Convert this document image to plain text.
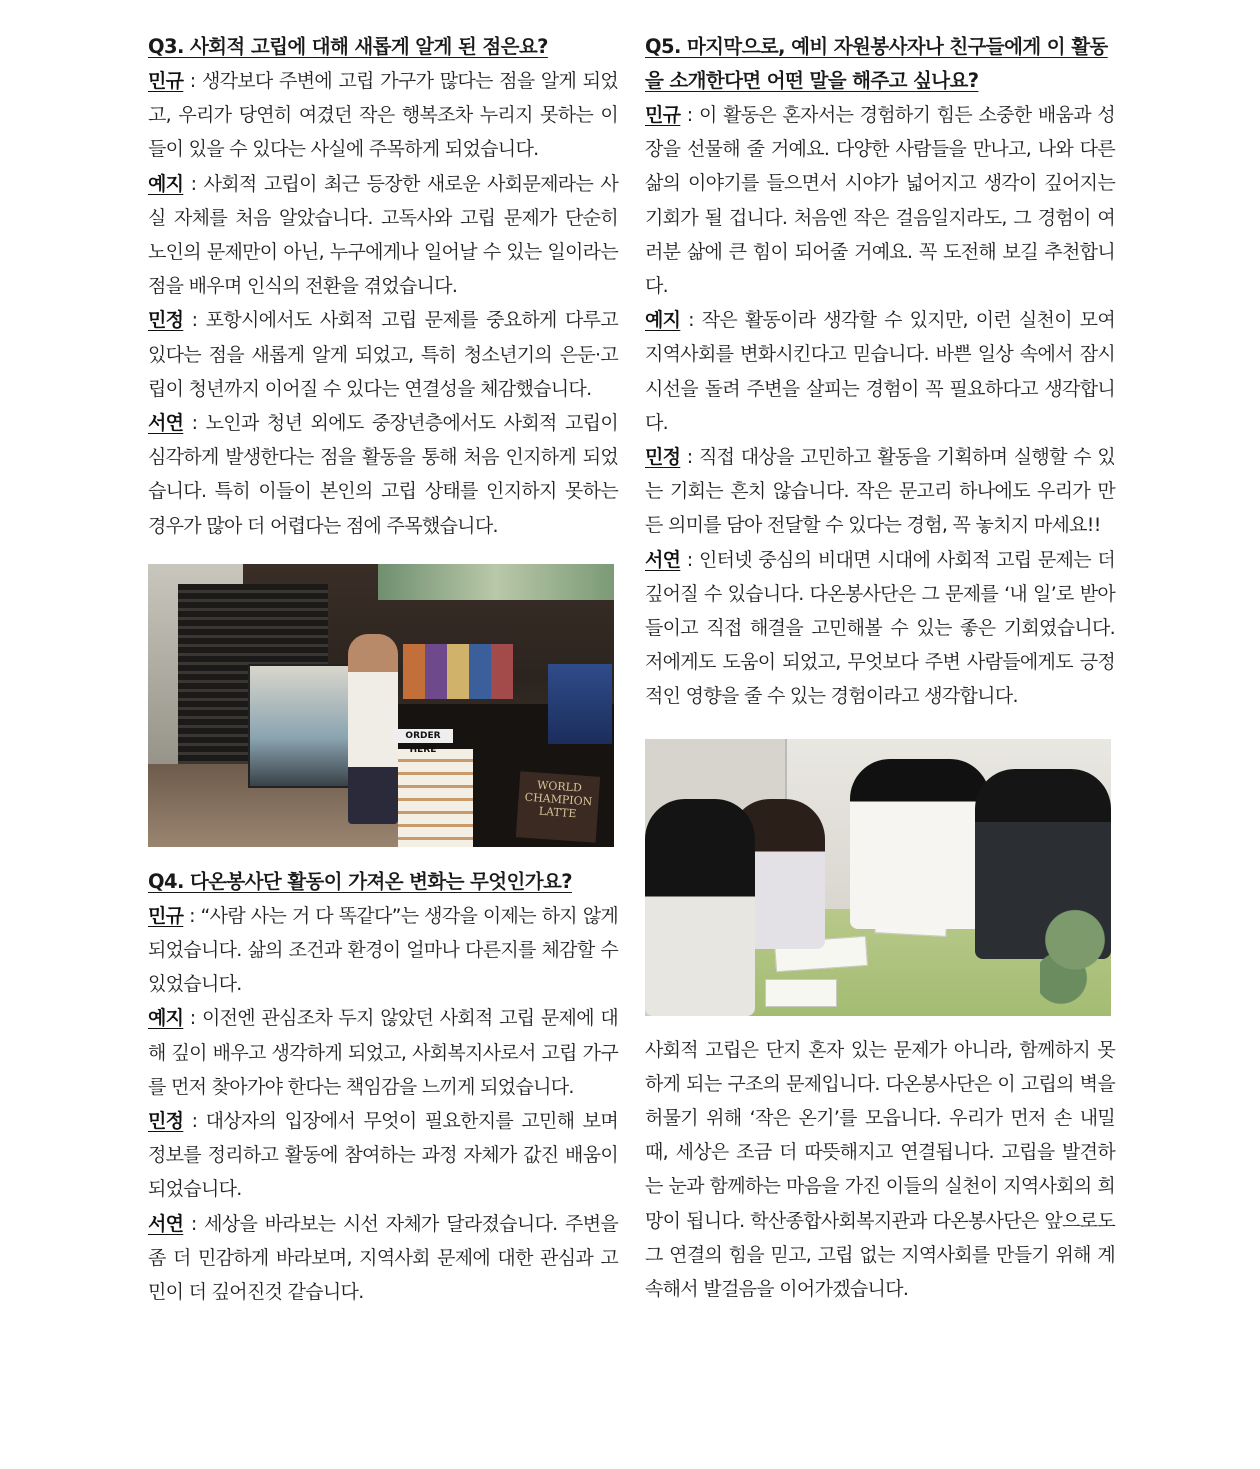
Q3. 사회적 고립에 대해 새롭게 알게 된 점은요?

민규 : 생각보다 주변에 고립 가구가 많다는 점을 알게 되었고, 우리가 당연히 여겼던 작은 행복조차 누리지 못하는 이들이 있을 수 있다는 사실에 주목하게 되었습니다.

예지 : 사회적 고립이 최근 등장한 새로운 사회문제라는 사실 자체를 처음 알았습니다. 고독사와 고립 문제가 단순히 노인의 문제만이 아닌, 누구에게나 일어날 수 있는 일이라는 점을 배우며 인식의 전환을 겪었습니다.

민정 : 포항시에서도 사회적 고립 문제를 중요하게 다루고 있다는 점을 새롭게 알게 되었고, 특히 청소년기의 은둔·고립이 청년까지 이어질 수 있다는 연결성을 체감했습니다.

서연 : 노인과 청년 외에도 중장년층에서도 사회적 고립이 심각하게 발생한다는 점을 활동을 통해 처음 인지하게 되었습니다. 특히 이들이 본인의 고립 상태를 인지하지 못하는 경우가 많아 더 어렵다는 점에 주목했습니다.

ORDER HERE
WORLD CHAMPION LATTE

Q4. 다온봉사단 활동이 가져온 변화는 무엇인가요?

민규 : “사람 사는 거 다 똑같다”는 생각을 이제는 하지 않게 되었습니다. 삶의 조건과 환경이 얼마나 다른지를 체감할 수 있었습니다.

예지 : 이전엔 관심조차 두지 않았던 사회적 고립 문제에 대해 깊이 배우고 생각하게 되었고, 사회복지사로서 고립 가구를 먼저 찾아가야 한다는 책임감을 느끼게 되었습니다.

민정 : 대상자의 입장에서 무엇이 필요한지를 고민해 보며 정보를 정리하고 활동에 참여하는 과정 자체가 값진 배움이 되었습니다.

서연 : 세상을 바라보는 시선 자체가 달라졌습니다. 주변을 좀 더 민감하게 바라보며, 지역사회 문제에 대한 관심과 고민이 더 깊어진것 같습니다.

Q5. 마지막으로, 예비 자원봉사자나 친구들에게 이 활동을 소개한다면 어떤 말을 해주고 싶나요?

민규 : 이 활동은 혼자서는 경험하기 힘든 소중한 배움과 성장을 선물해 줄 거예요. 다양한 사람들을 만나고, 나와 다른 삶의 이야기를 들으면서 시야가 넓어지고 생각이 깊어지는 기회가 될 겁니다. 처음엔 작은 걸음일지라도, 그 경험이 여러분 삶에 큰 힘이 되어줄 거예요. 꼭 도전해 보길 추천합니다.

예지 : 작은 활동이라 생각할 수 있지만, 이런 실천이 모여 지역사회를 변화시킨다고 믿습니다. 바쁜 일상 속에서 잠시 시선을 돌려 주변을 살피는 경험이 꼭 필요하다고 생각합니다.

민정 : 직접 대상을 고민하고 활동을 기획하며 실행할 수 있는 기회는 흔치 않습니다. 작은 문고리 하나에도 우리가 만든 의미를 담아 전달할 수 있다는 경험, 꼭 놓치지 마세요!!

서연 : 인터넷 중심의 비대면 시대에 사회적 고립 문제는 더 깊어질 수 있습니다. 다온봉사단은 그 문제를 ‘내 일’로 받아들이고 직접 해결을 고민해볼 수 있는 좋은 기회였습니다. 저에게도 도움이 되었고, 무엇보다 주변 사람들에게도 긍정적인 영향을 줄 수 있는 경험이라고 생각합니다.

사회적 고립은 단지 혼자 있는 문제가 아니라, 함께하지 못하게 되는 구조의 문제입니다. 다온봉사단은 이 고립의 벽을 허물기 위해 ‘작은 온기’를 모읍니다. 우리가 먼저 손 내밀 때, 세상은 조금 더 따뜻해지고 연결됩니다. 고립을 발견하는 눈과 함께하는 마음을 가진 이들의 실천이 지역사회의 희망이 됩니다. 학산종합사회복지관과 다온봉사단은 앞으로도 그 연결의 힘을 믿고, 고립 없는 지역사회를 만들기 위해 계속해서 발걸음을 이어가겠습니다.
